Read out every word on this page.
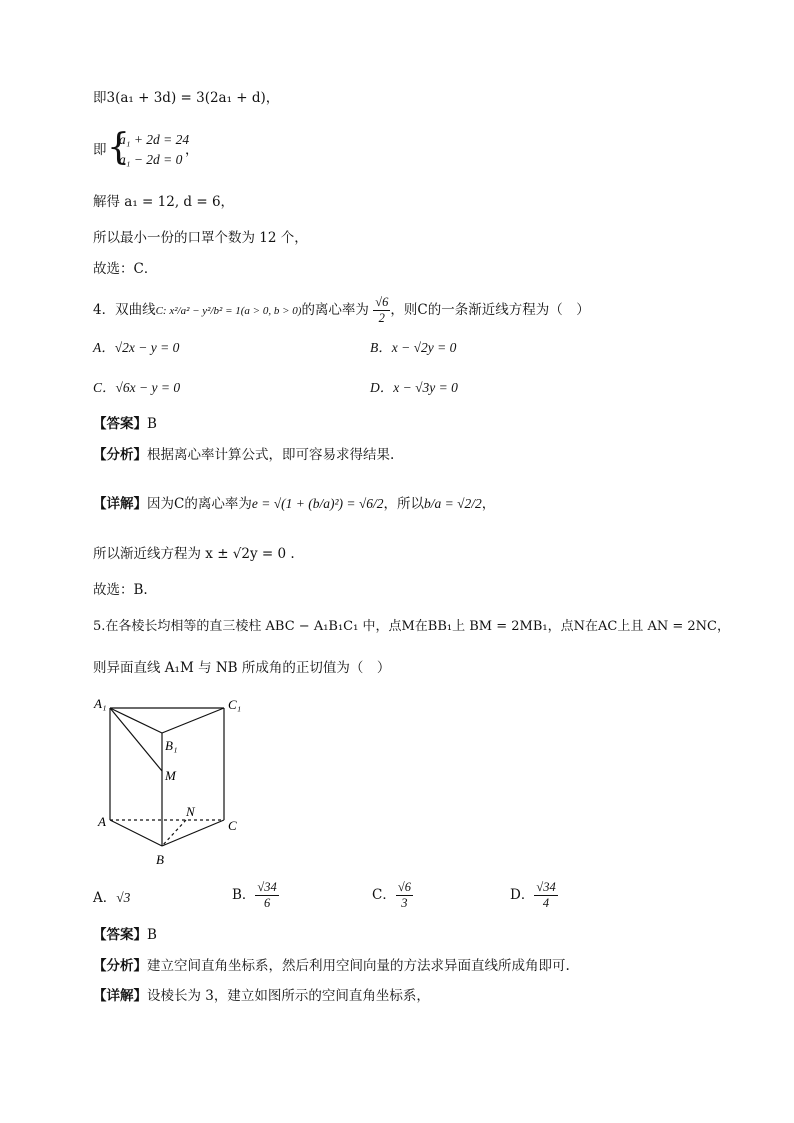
即3(a₁ + 3d) = 3(2a₁ + d)，
即 {
a₁ + 2d = 24
a₁ − 2d = 0
，
解得 a₁ = 12, d = 6，
所以最小一份的口罩个数为 12 个，
故选：C．
4．双曲线C: x²/a² − y²/b² = 1(a > 0, b > 0)的离心率为 $\frac{√6}{2}$ ，则C的一条渐近线方程为（　）
A．√2x − y = 0	B．x − √2y = 0
C．√6x − y = 0	D．x − √3y = 0
【答案】B
【分析】根据离心率计算公式，即可容易求得结果.
【详解】因为C的离心率为e = √(1 + (b/a)²) = √6/2，所以b/a = √2/2，
所以渐近线方程为 x ± √2y = 0 .
故选：B.
5.在各棱长均相等的直三棱柱 ABC − A₁B₁C₁ 中，点M在BB₁上 BM = 2MB₁，点N在AC上且 AN = 2NC，
则异面直线 A₁M 与 NB 所成角的正切值为（　）
A₁	C₁
B₁
M
N
A	C
B
A．√3	B． $\frac{√34}{6}$	C． $\frac{√6}{3}$	D． $\frac{√34}{4}$
【答案】B
【分析】建立空间直角坐标系，然后利用空间向量的方法求异面直线所成角即可.
【详解】设棱长为 3，建立如图所示的空间直角坐标系，
